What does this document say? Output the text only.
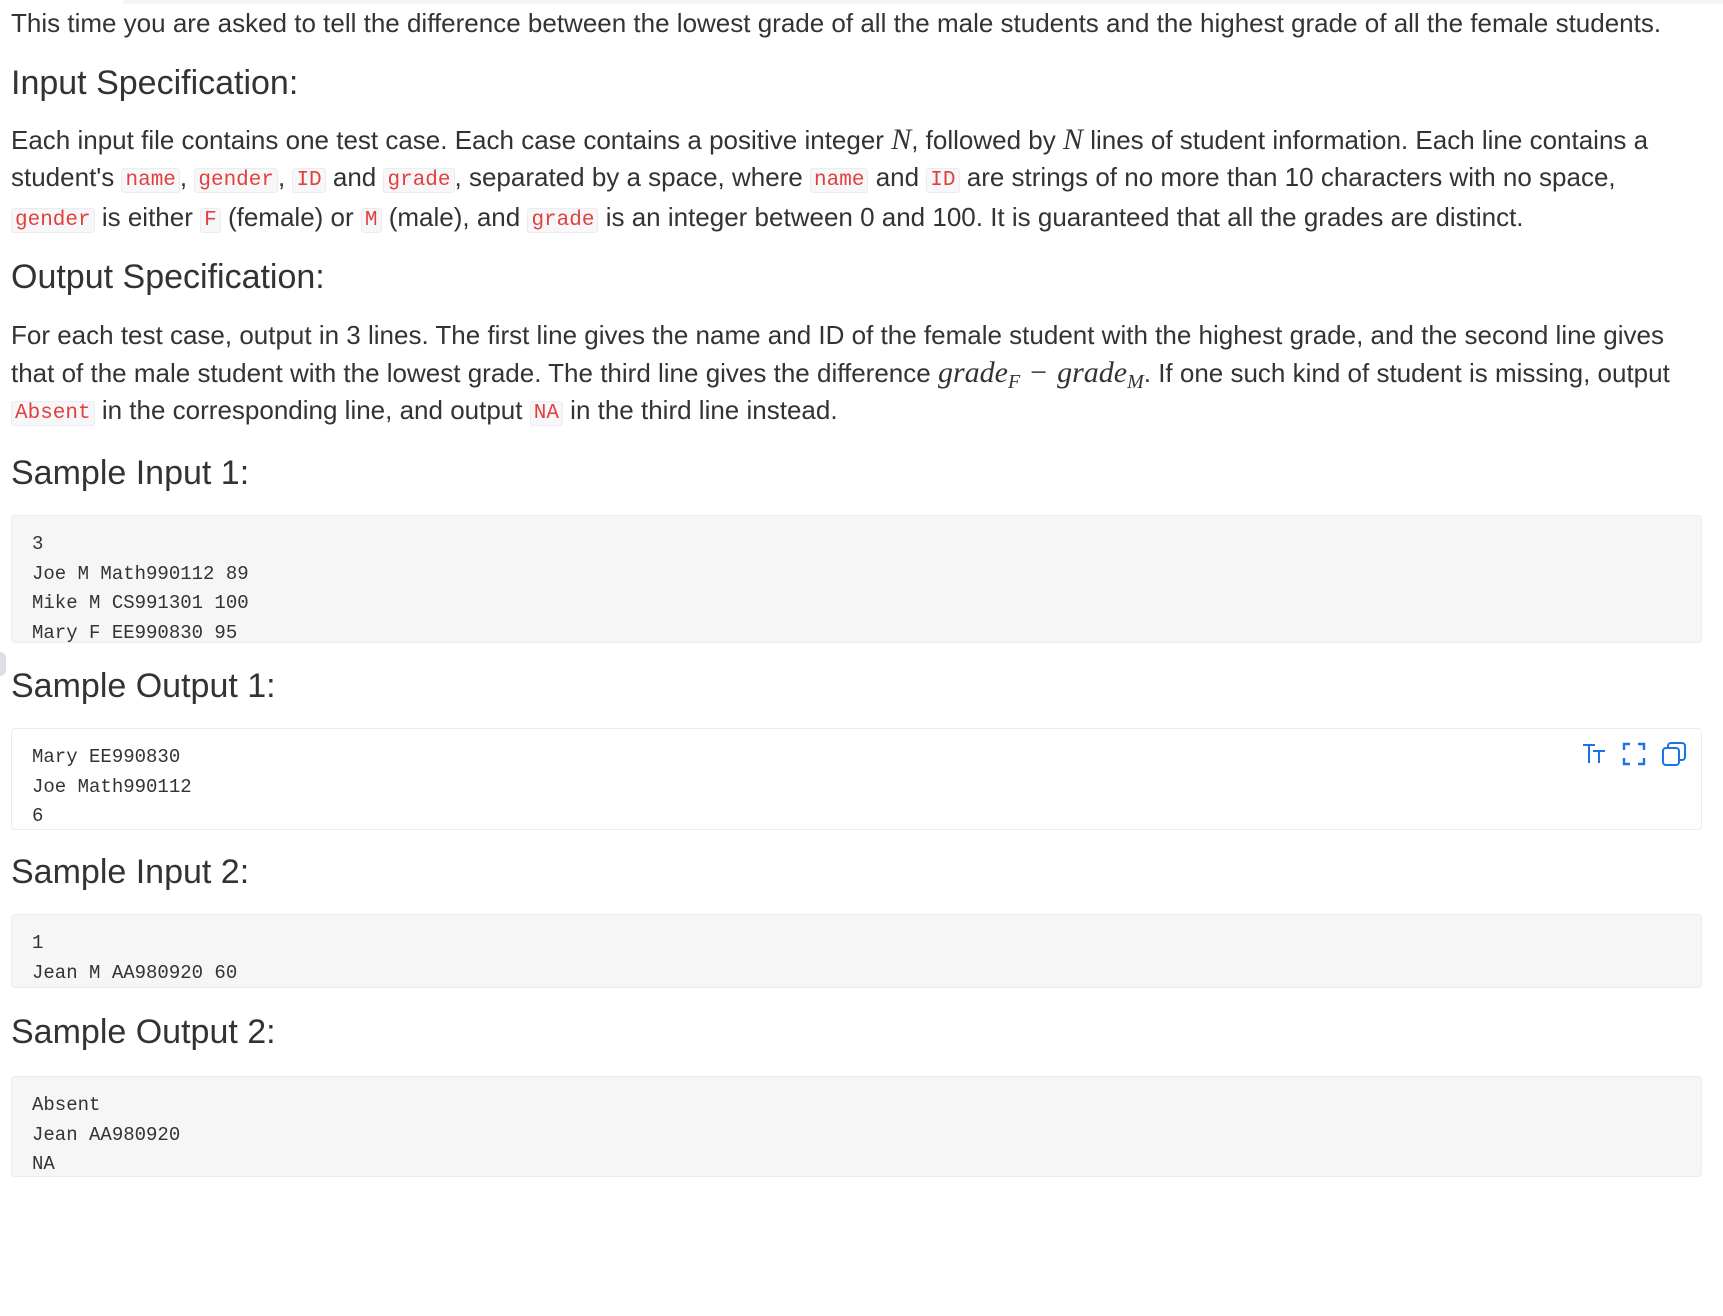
This time you are asked to tell the difference between the lowest grade of all the male students and the highest grade of all the female students.

Input Specification:

Each input file contains one test case. Each case contains a positive integer N, followed by N lines of student information. Each line contains a student's name , gender , ID and grade , separated by a space, where name and ID are strings of no more than 10 characters with no space, gender is either F (female) or M (male), and grade is an integer between 0 and 100. It is guaranteed that all the grades are distinct.

Output Specification:

For each test case, output in 3 lines. The first line gives the name and ID of the female student with the highest grade, and the second line gives that of the male student with the lowest grade. The third line gives the difference grade$_F$ − grade$_M$. If one such kind of student is missing, output Absent in the corresponding line, and output NA in the third line instead.

Sample Input 1:
3
Joe M Math990112 89
Mike M CS991301 100
Mary F EE990830 95
Sample Output 1:
Mary EE990830
Joe Math990112
6
Sample Input 2:
1
Jean M AA980920 60
Sample Output 2:
Absent
Jean AA980920
NA
